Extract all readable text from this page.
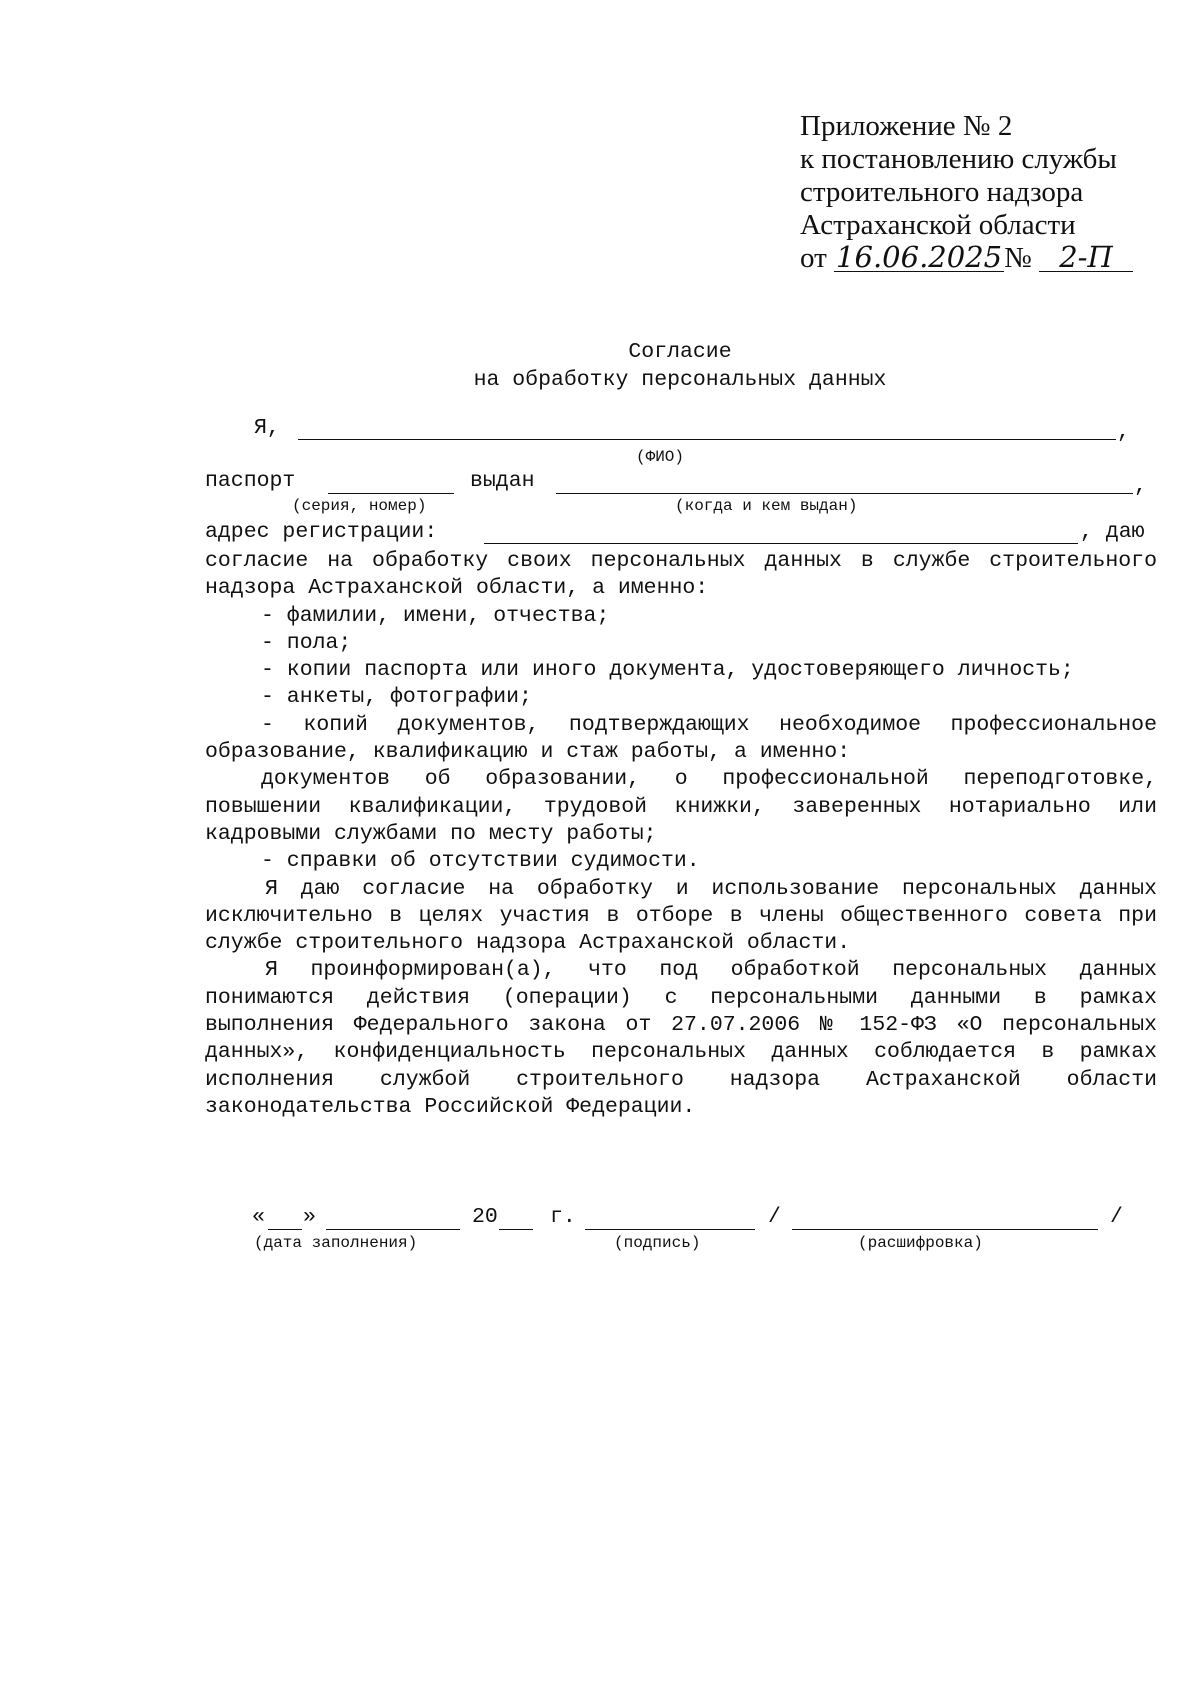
Приложение № 2
к постановлению службы
строительного надзора
Астраханской области
от 16.06.2025№ 2-П
Согласие
на обработку персональных данных
Я,	,
(ФИО)
паспорт	выдан	,
(серия, номер)	(когда и кем выдан)
адрес регистрации:	, даю

согласие на обработку своих персональных данных в службе строительного надзора Астраханской области, а именно:

- фамилии, имени, отчества;

- пола;

- копии паспорта или иного документа, удостоверяющего личность;

- анкеты, фотографии;

- копий документов, подтверждающих необходимое профессиональное образование, квалификацию и стаж работы, а именно:

документов об образовании, о профессиональной переподготовке, повышении квалификации, трудовой книжки, заверенных нотариально или кадровыми службами по месту работы;

- справки об отсутствии судимости.

Я даю согласие на обработку и использование персональных данных исключительно в целях участия в отборе в члены общественного совета при службе строительного надзора Астраханской области.

Я проинформирован(а), что под обработкой персональных данных понимаются действия (операции) с персональными данными в рамках выполнения Федерального закона от 27.07.2006 № 152-ФЗ «О персональных данных», конфиденциальность персональных данных соблюдается в рамках исполнения службой строительного надзора Астраханской области законодательства Российской Федерации.

« »	20 г.	/	/
(дата заполнения)	(подпись)	(расшифровка)
